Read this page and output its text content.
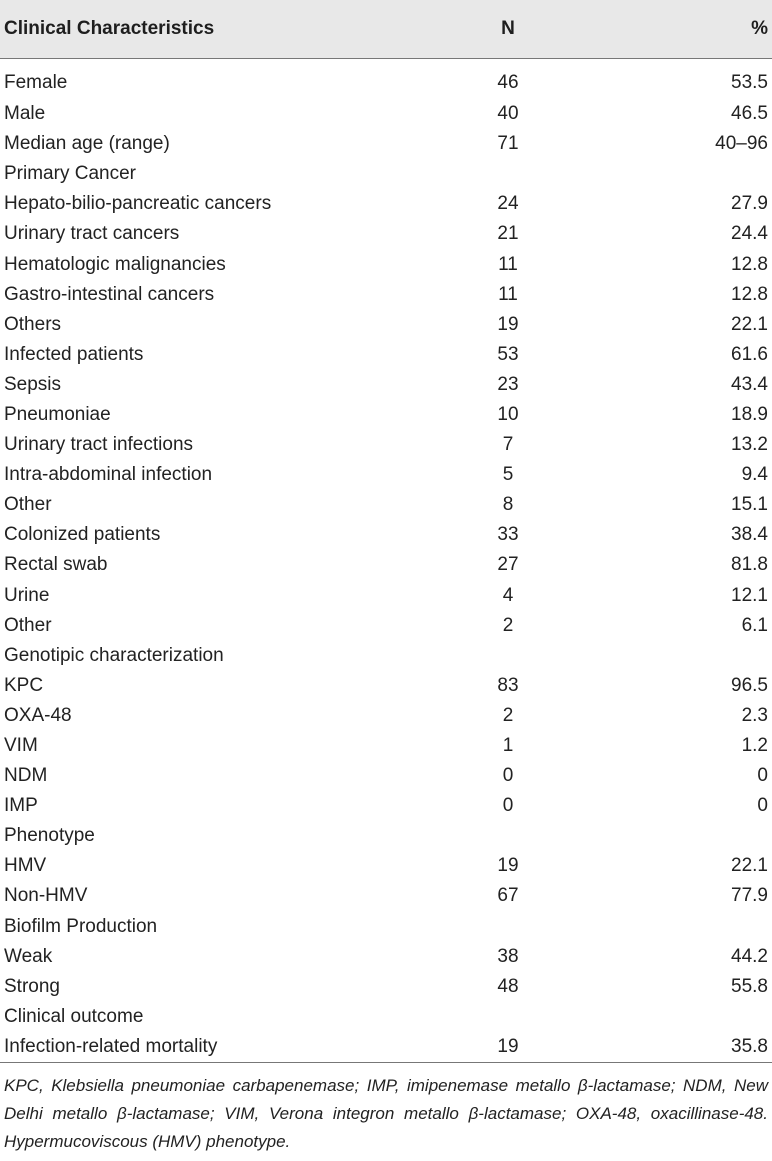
Clinical Characteristics	N	%
Female	46	53.5
Male	40	46.5
Median age (range)	71	40–96
Primary Cancer		
Hepato-bilio-pancreatic cancers	24	27.9
Urinary tract cancers	21	24.4
Hematologic malignancies	11	12.8
Gastro-intestinal cancers	11	12.8
Others	19	22.1
Infected patients	53	61.6
Sepsis	23	43.4
Pneumoniae	10	18.9
Urinary tract infections	7	13.2
Intra-abdominal infection	5	9.4
Other	8	15.1
Colonized patients	33	38.4
Rectal swab	27	81.8
Urine	4	12.1
Other	2	6.1
Genotipic characterization		
KPC	83	96.5
OXA-48	2	2.3
VIM	1	1.2
NDM	0	0
IMP	0	0
Phenotype		
HMV	19	22.1
Non-HMV	67	77.9
Biofilm Production		
Weak	38	44.2
Strong	48	55.8
Clinical outcome		
Infection-related mortality	19	35.8
KPC, Klebsiella pneumoniae carbapenemase; IMP, imipenemase metallo β-lactamase; NDM, New Delhi metallo β-lactamase; VIM, Verona integron metallo β-lactamase; OXA-48, oxacillinase-48. Hypermucoviscous (HMV) phenotype.
